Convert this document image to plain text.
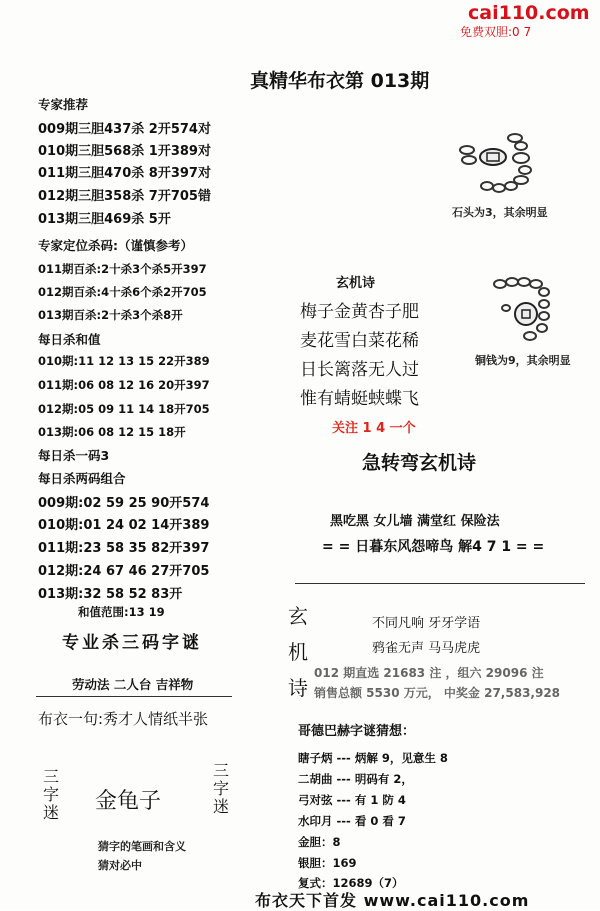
cai110.com
免费双胆:0 7
真精华布衣第 013期
专家推荐
009期三胆437杀 2开574对
010期三胆568杀 1开389对
011期三胆470杀 8开397对
012期三胆358杀 7开705错
013期三胆469杀 5开
专家定位杀码:（谨慎参考）
011期百杀:2十杀3个杀5开397
012期百杀:4十杀6个杀2开705
013期百杀:2十杀3个杀8开
每日杀和值
010期:11 12 13 15 22开389
011期:06 08 12 16 20开397
012期:05 09 11 14 18开705
013期:06 08 12 15 18开
每日杀一码3
每日杀两码组合
009期:02 59 25 90开574
010期:01 24 02 14开389
011期:23 58 35 82开397
012期:24 67 46 27开705
013期:32 58 52 83开
和值范围:13 19
专业杀三码字谜
劳动法 二人台 吉祥物
布衣一句:秀才人情纸半张
三字迷 金龟子
三字迷
猜字的笔画和含义
猜对必中
石头为3，其余明显
铜钱为9，其余明显
玄机诗
梅子金黄杏子肥
麦花雪白菜花稀
日长篱落无人过
惟有蜻蜓蛱蝶飞
关注 1 4 一个
急转弯玄机诗
黑吃黑 女儿墙 满堂红 保险法
= = 日暮东风怨啼鸟 解4 7 1 = =
玄机诗
不同凡响 牙牙学语
鸦雀无声 马马虎虎
012 期直选 21683 注 ，组六 29096 注
销售总额 5530 万元， 中奖金 27,583,928
哥德巴赫字谜猜想：
瞎子炳 --- 炳解 9，见意生 8
二胡曲 --- 明码有 2，
弓对弦 --- 有 1 防 4
水印月 --- 看 0 看 7
金胆：8
银胆：169
复式：12689（7）
布衣天下首发 www.cai110.com
